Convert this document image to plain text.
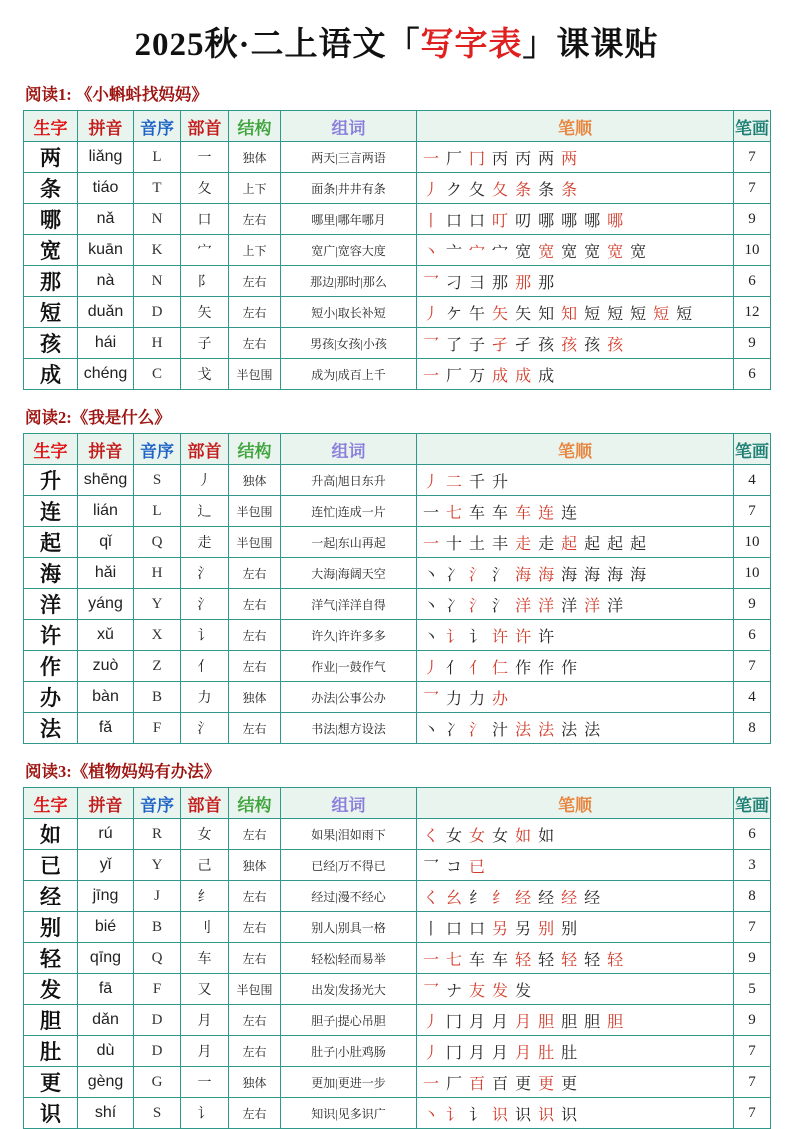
2025秋·二上语文「写字表」课课贴
阅读1: 《小蝌蚪找妈妈》
生字	拼音	音序	部首	结构	组词	笔顺	笔画
两	liǎng	L	一	独体	两天|三言两语	一 厂 冂 丙 丙 两 两	7
条	tiáo	T	夂	上下	面条|井井有条	丿 ク 夂 夂 条 条 条	7
哪	nǎ	N	口	左右	哪里|哪年哪月	丨 口 口 叮 叨 哪 哪 哪 哪	9
宽	kuān	K	宀	上下	宽广|宽容大度	丶 亠 宀 宀 宽 宽 宽 宽 宽 宽	10
那	nà	N	阝	左右	那边|那时|那么	乛 刁 彐 那 那 那	6
短	duǎn	D	矢	左右	短小|取长补短	丿 ケ 午 矢 矢 知 知 短 短 短 短 短	12
孩	hái	H	子	左右	男孩|女孩|小孩	乛 了 子 孑 孑 孩 孩 孩 孩	9
成	chéng	C	戈	半包围	成为|成百上千	一 厂 万 成 成 成	6
阅读2:《我是什么》
生字	拼音	音序	部首	结构	组词	笔顺	笔画
升	shēng	S	丿	独体	升高|旭日东升	丿 二 千 升	4
连	lián	L	辶	半包围	连忙|连成一片	一 七 车 车 车 连 连	7
起	qǐ	Q	走	半包围	一起|东山再起	一 十 土 丰 走 走 起 起 起 起	10
海	hǎi	H	氵	左右	大海|海阔天空	丶 冫 氵 氵 海 海 海 海 海 海	10
洋	yáng	Y	氵	左右	洋气|洋洋自得	丶 冫 氵 氵 洋 洋 洋 洋 洋	9
许	xǔ	X	讠	左右	许久|许许多多	丶 讠 讠 许 许 许	6
作	zuò	Z	亻	左右	作业|一鼓作气	丿 亻 亻 仁 作 作 作	7
办	bàn	B	力	独体	办法|公事公办	乛 力 力 办	4
法	fǎ	F	氵	左右	书法|想方设法	丶 冫 氵 汁 法 法 法 法	8
阅读3:《植物妈妈有办法》
生字	拼音	音序	部首	结构	组词	笔顺	笔画
如	rú	R	女	左右	如果|泪如雨下	く 女 女 女 如 如	6
已	yǐ	Y	己	独体	已经|万不得已	乛 コ 已	3
经	jīng	J	纟	左右	经过|漫不经心	く 幺 纟 纟 经 经 经 经	8
别	bié	B	刂	左右	别人|别具一格	丨 口 口 另 另 别 别	7
轻	qīng	Q	车	左右	轻松|轻而易举	一 七 车 车 轻 轻 轻 轻 轻	9
发	fā	F	又	半包围	出发|发扬光大	乛 ナ 友 发 发	5
胆	dǎn	D	月	左右	胆子|提心吊胆	丿 冂 月 月 月 胆 胆 胆 胆	9
肚	dù	D	月	左右	肚子|小肚鸡肠	丿 冂 月 月 月 肚 肚	7
更	gèng	G	一	独体	更加|更进一步	一 厂 百 百 更 更 更	7
识	shí	S	讠	左右	知识|见多识广	丶 讠 讠 识 识 识 识	7
